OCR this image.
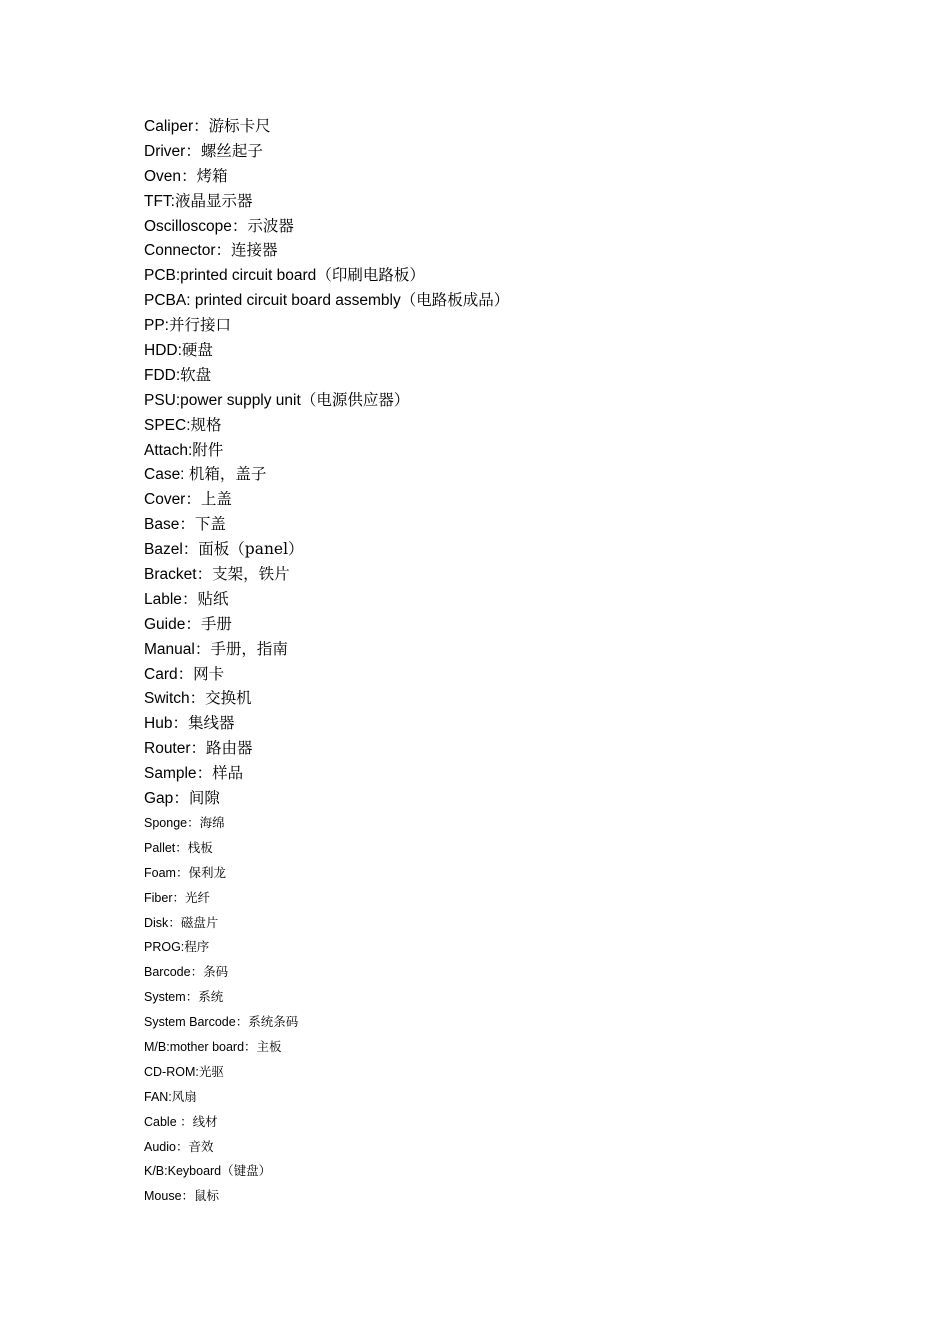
Caliper：游标卡尺
Driver：螺丝起子
Oven：烤箱
TFT:液晶显示器
Oscilloscope：示波器
Connector：连接器
PCB:printed circuit board（印刷电路板）
PCBA: printed circuit board assembly（电路板成品）
PP:并行接口
HDD:硬盘
FDD:软盘
PSU:power supply unit（电源供应器）
SPEC:规格
Attach:附件
Case: 机箱，盖子
Cover：上盖
Base：下盖
Bazel：面板（panel）
Bracket：支架，铁片
Lable：贴纸
Guide：手册
Manual：手册，指南
Card：网卡
Switch：交换机
Hub：集线器
Router：路由器
Sample：样品
Gap：间隙
Sponge：海绵
Pallet：栈板
Foam：保利龙
Fiber：光纤
Disk：磁盘片
PROG:程序
Barcode：条码
System：系统
System Barcode：系统条码
M/B:mother board：主板
CD-ROM:光驱
FAN:风扇
Cable ：线材
Audio：音效
K/B:Keyboard（键盘）
Mouse：鼠标
